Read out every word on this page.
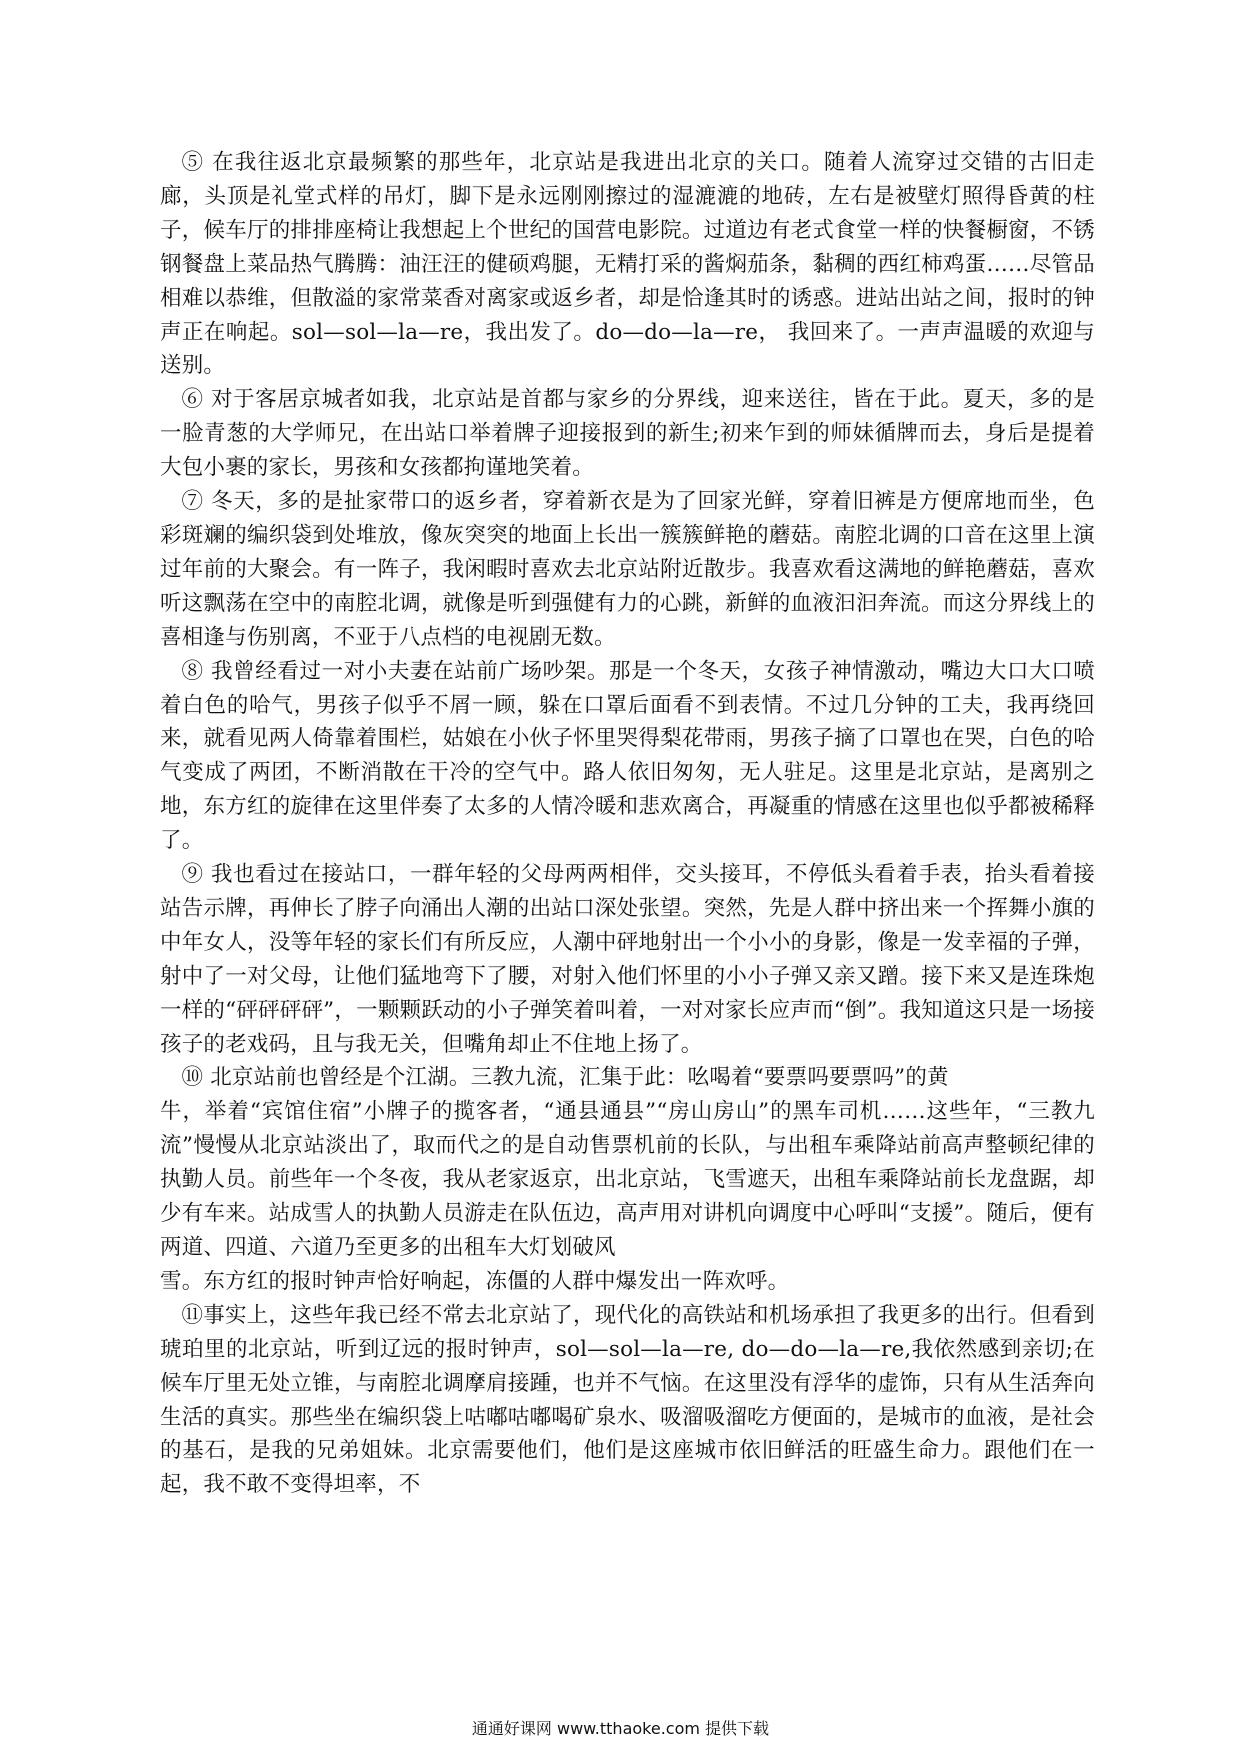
⑤ 在我往返北京最频繁的那些年，北京站是我进出北京的关口。随着人流穿过交错的古旧走廊，头顶是礼堂式样的吊灯，脚下是永远刚刚擦过的湿漉漉的地砖，左右是被壁灯照得昏黄的柱子，候车厅的排排座椅让我想起上个世纪的国营电影院。过道边有老式食堂一样的快餐橱窗，不锈钢餐盘上菜品热气腾腾：油汪汪的健硕鸡腿，无精打采的酱焖茄条，黏稠的西红柿鸡蛋……尽管品相难以恭维，但散溢的家常菜香对离家或返乡者，却是恰逢其时的诱惑。进站出站之间，报时的钟声正在响起。sol—sol—la—re，我出发了。do—do—la—re， 我回来了。一声声温暖的欢迎与送别。

⑥ 对于客居京城者如我，北京站是首都与家乡的分界线，迎来送往，皆在于此。夏天，多的是一脸青葱的大学师兄，在出站口举着牌子迎接报到的新生;初来乍到的师妹循牌而去，身后是提着大包小裹的家长，男孩和女孩都拘谨地笑着。

⑦ 冬天，多的是扯家带口的返乡者，穿着新衣是为了回家光鲜，穿着旧裤是方便席地而坐，色彩斑斓的编织袋到处堆放，像灰突突的地面上长出一簇簇鲜艳的蘑菇。南腔北调的口音在这里上演过年前的大聚会。有一阵子，我闲暇时喜欢去北京站附近散步。我喜欢看这满地的鲜艳蘑菇，喜欢听这飘荡在空中的南腔北调，就像是听到强健有力的心跳，新鲜的血液汩汩奔流。而这分界线上的喜相逢与伤别离，不亚于八点档的电视剧无数。

⑧ 我曾经看过一对小夫妻在站前广场吵架。那是一个冬天，女孩子神情激动，嘴边大口大口喷着白色的哈气，男孩子似乎不屑一顾，躲在口罩后面看不到表情。不过几分钟的工夫，我再绕回来，就看见两人倚靠着围栏，姑娘在小伙子怀里哭得梨花带雨，男孩子摘了口罩也在哭，白色的哈气变成了两团，不断消散在干冷的空气中。路人依旧匆匆，无人驻足。这里是北京站，是离别之地，东方红的旋律在这里伴奏了太多的人情冷暖和悲欢离合，再凝重的情感在这里也似乎都被稀释了。

⑨ 我也看过在接站口，一群年轻的父母两两相伴，交头接耳，不停低头看着手表，抬头看着接站告示牌，再伸长了脖子向涌出人潮的出站口深处张望。突然，先是人群中挤出来一个挥舞小旗的中年女人，没等年轻的家长们有所反应，人潮中砰地射出一个小小的身影，像是一发幸福的子弹，射中了一对父母，让他们猛地弯下了腰，对射入他们怀里的小小子弹又亲又蹭。接下来又是连珠炮一样的“砰砰砰砰”，一颗颗跃动的小子弹笑着叫着，一对对家长应声而“倒”。我知道这只是一场接孩子的老戏码，且与我无关，但嘴角却止不住地上扬了。

⑩ 北京站前也曾经是个江湖。三教九流，汇集于此：吆喝着“要票吗要票吗”的黄

牛，举着“宾馆住宿”小牌子的揽客者，“通县通县”“房山房山”的黑车司机……这些年，“三教九流”慢慢从北京站淡出了，取而代之的是自动售票机前的长队，与出租车乘降站前高声整顿纪律的执勤人员。前些年一个冬夜，我从老家返京，出北京站，飞雪遮天，出租车乘降站前长龙盘踞，却少有车来。站成雪人的执勤人员游走在队伍边，高声用对讲机向调度中心呼叫“支援”。随后，便有两道、四道、六道乃至更多的出租车大灯划破风

雪。东方红的报时钟声恰好响起，冻僵的人群中爆发出一阵欢呼。

⑪事实上，这些年我已经不常去北京站了，现代化的高铁站和机场承担了我更多的出行。但看到琥珀里的北京站，听到辽远的报时钟声，sol—sol—la—re, do—do—la—re,我依然感到亲切;在候车厅里无处立锥，与南腔北调摩肩接踵，也并不气恼。在这里没有浮华的虚饰，只有从生活奔向生活的真实。那些坐在编织袋上咕嘟咕嘟喝矿泉水、吸溜吸溜吃方便面的，是城市的血液，是社会的基石，是我的兄弟姐妹。北京需要他们，他们是这座城市依旧鲜活的旺盛生命力。跟他们在一起，我不敢不变得坦率，不

通通好课网 www.tthaoke.com 提供下载
